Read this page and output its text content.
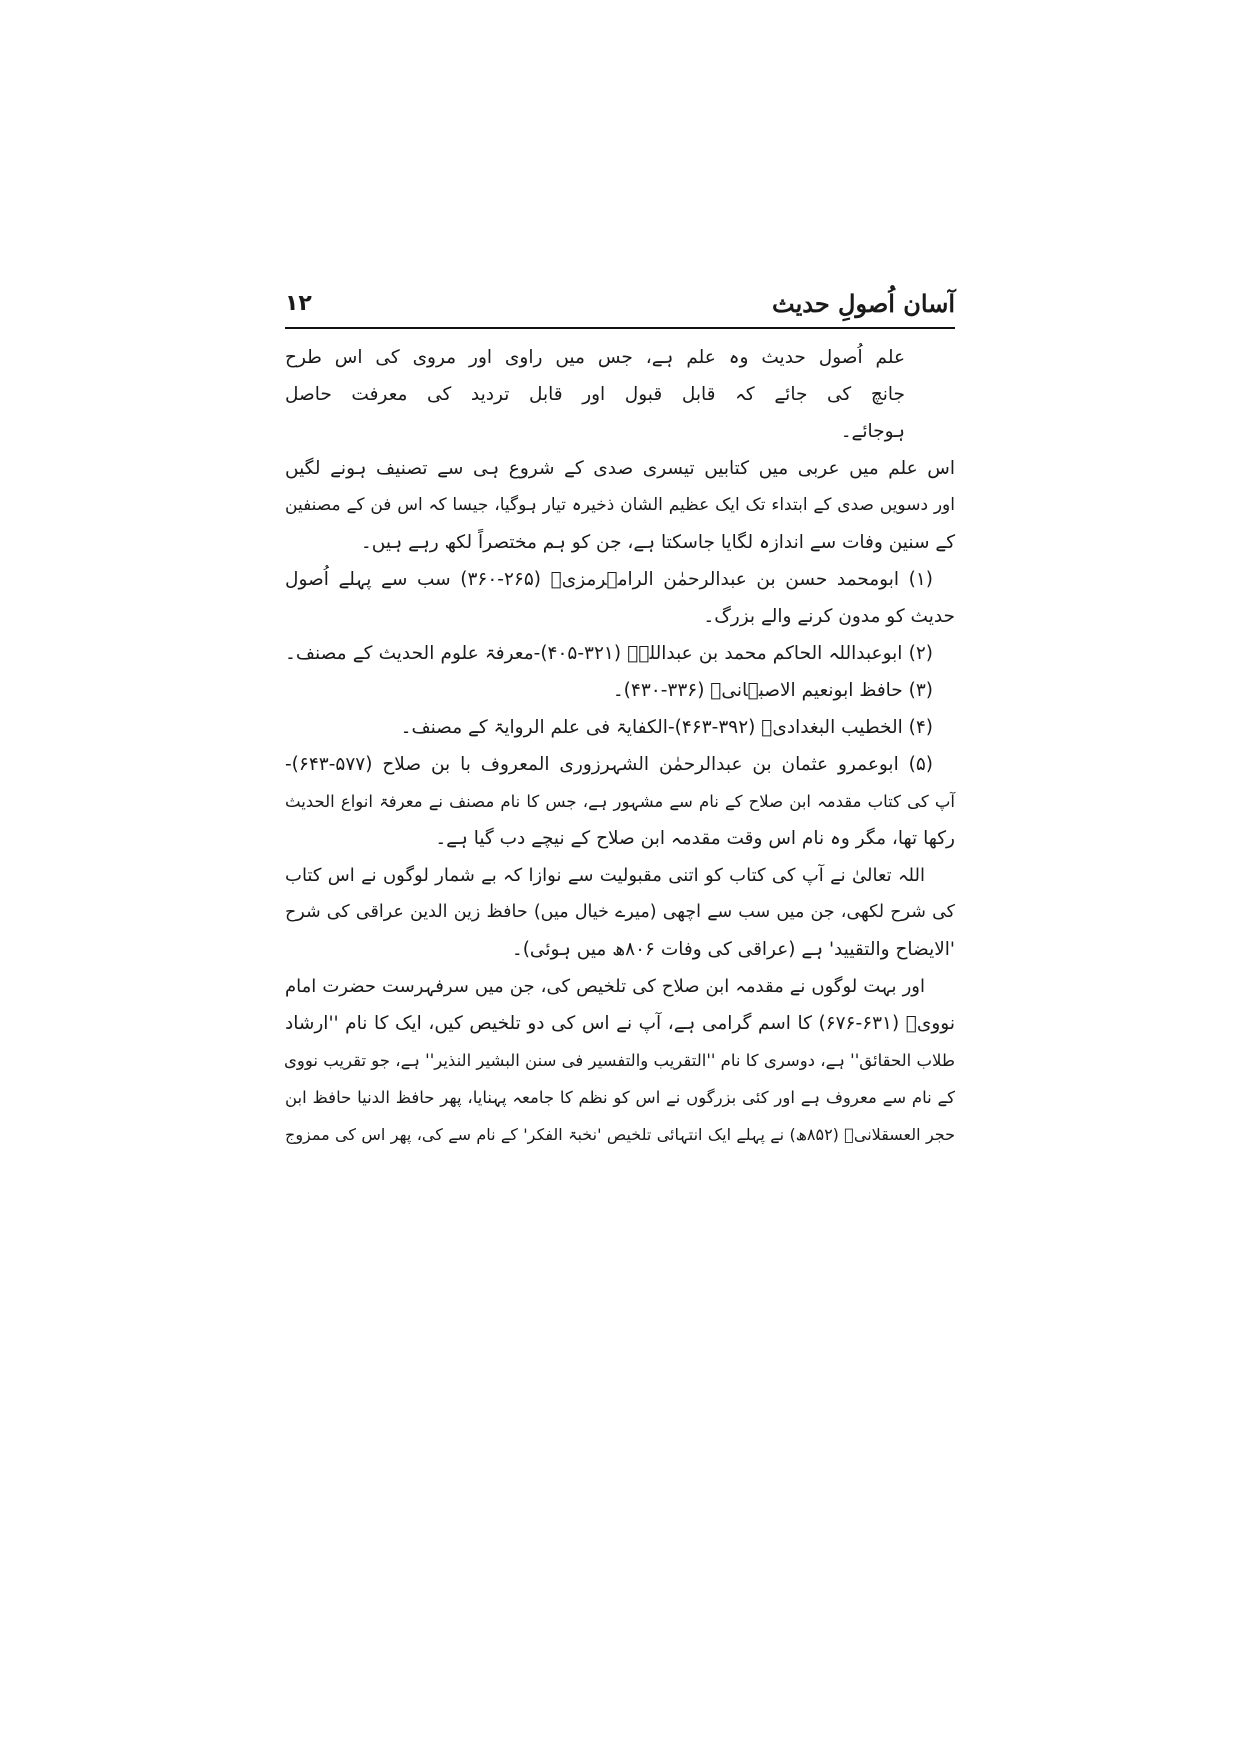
آسان اُصولِ حدیث
۱۲
علم اُصول حدیث وہ علم ہے، جس میں راوی اور مروی کی اس طرح
جانچ کی جائے کہ قابل قبول اور قابل تردید کی معرفت حاصل
ہوجائے۔
اس علم میں عربی میں کتابیں تیسری صدی کے شروع ہی سے تصنیف ہونے لگیں
اور دسویں صدی کے ابتداء تک ایک عظیم الشان ذخیرہ تیار ہوگیا، جیسا کہ اس فن کے مصنفین
کے سنین وفات سے اندازہ لگایا جاسکتا ہے، جن کو ہم مختصراً لکھ رہے ہیں۔
(۱) ابومحمد حسن بن عبدالرحمٰن الرامہرمزیؒ (۲۶۵-۳۶۰) سب سے پہلے اُصول
حدیث کو مدون کرنے والے بزرگ۔
(۲) ابوعبداللہ الحاکم محمد بن عبداللہؒ (۳۲۱-۴۰۵)-معرفۃ علوم الحدیث کے مصنف۔
(۳) حافظ ابونعیم الاصبہانیؒ (۳۳۶-۴۳۰)۔
(۴) الخطیب البغدادیؒ (۳۹۲-۴۶۳)-الکفایۃ فی علم الروایۃ کے مصنف۔
(۵) ابوعمرو عثمان بن عبدالرحمٰن الشہرزوری المعروف با بن صلاح (۵۷۷-۶۴۳)-
آپ کی کتاب مقدمہ ابن صلاح کے نام سے مشہور ہے، جس کا نام مصنف نے معرفۃ انواع الحدیث
رکھا تھا، مگر وہ نام اس وقت مقدمہ ابن صلاح کے نیچے دب گیا ہے۔
اللہ تعالیٰ نے آپ کی کتاب کو اتنی مقبولیت سے نوازا کہ بے شمار لوگوں نے اس کتاب
کی شرح لکھی، جن میں سب سے اچھی (میرے خیال میں) حافظ زین الدین عراقی کی شرح
'الایضاح والتقیید' ہے (عراقی کی وفات ۸۰۶ھ میں ہوئی)۔
اور بہت لوگوں نے مقدمہ ابن صلاح کی تلخیص کی، جن میں سرفہرست حضرت امام
نوویؒ (۶۳۱-۶۷۶) کا اسم گرامی ہے، آپ نے اس کی دو تلخیص کیں، ایک کا نام ''ارشاد
طلاب الحقائق'' ہے، دوسری کا نام ''التقریب والتفسیر فی سنن البشیر النذیر'' ہے، جو تقریب نووی
کے نام سے معروف ہے اور کئی بزرگوں نے اس کو نظم کا جامعہ پہنایا، پھر حافظ الدنیا حافظ ابن
حجر العسقلانیؒ (۸۵۲ھ) نے پہلے ایک انتہائی تلخیص 'نخبۃ الفکر' کے نام سے کی، پھر اس کی ممزوج
